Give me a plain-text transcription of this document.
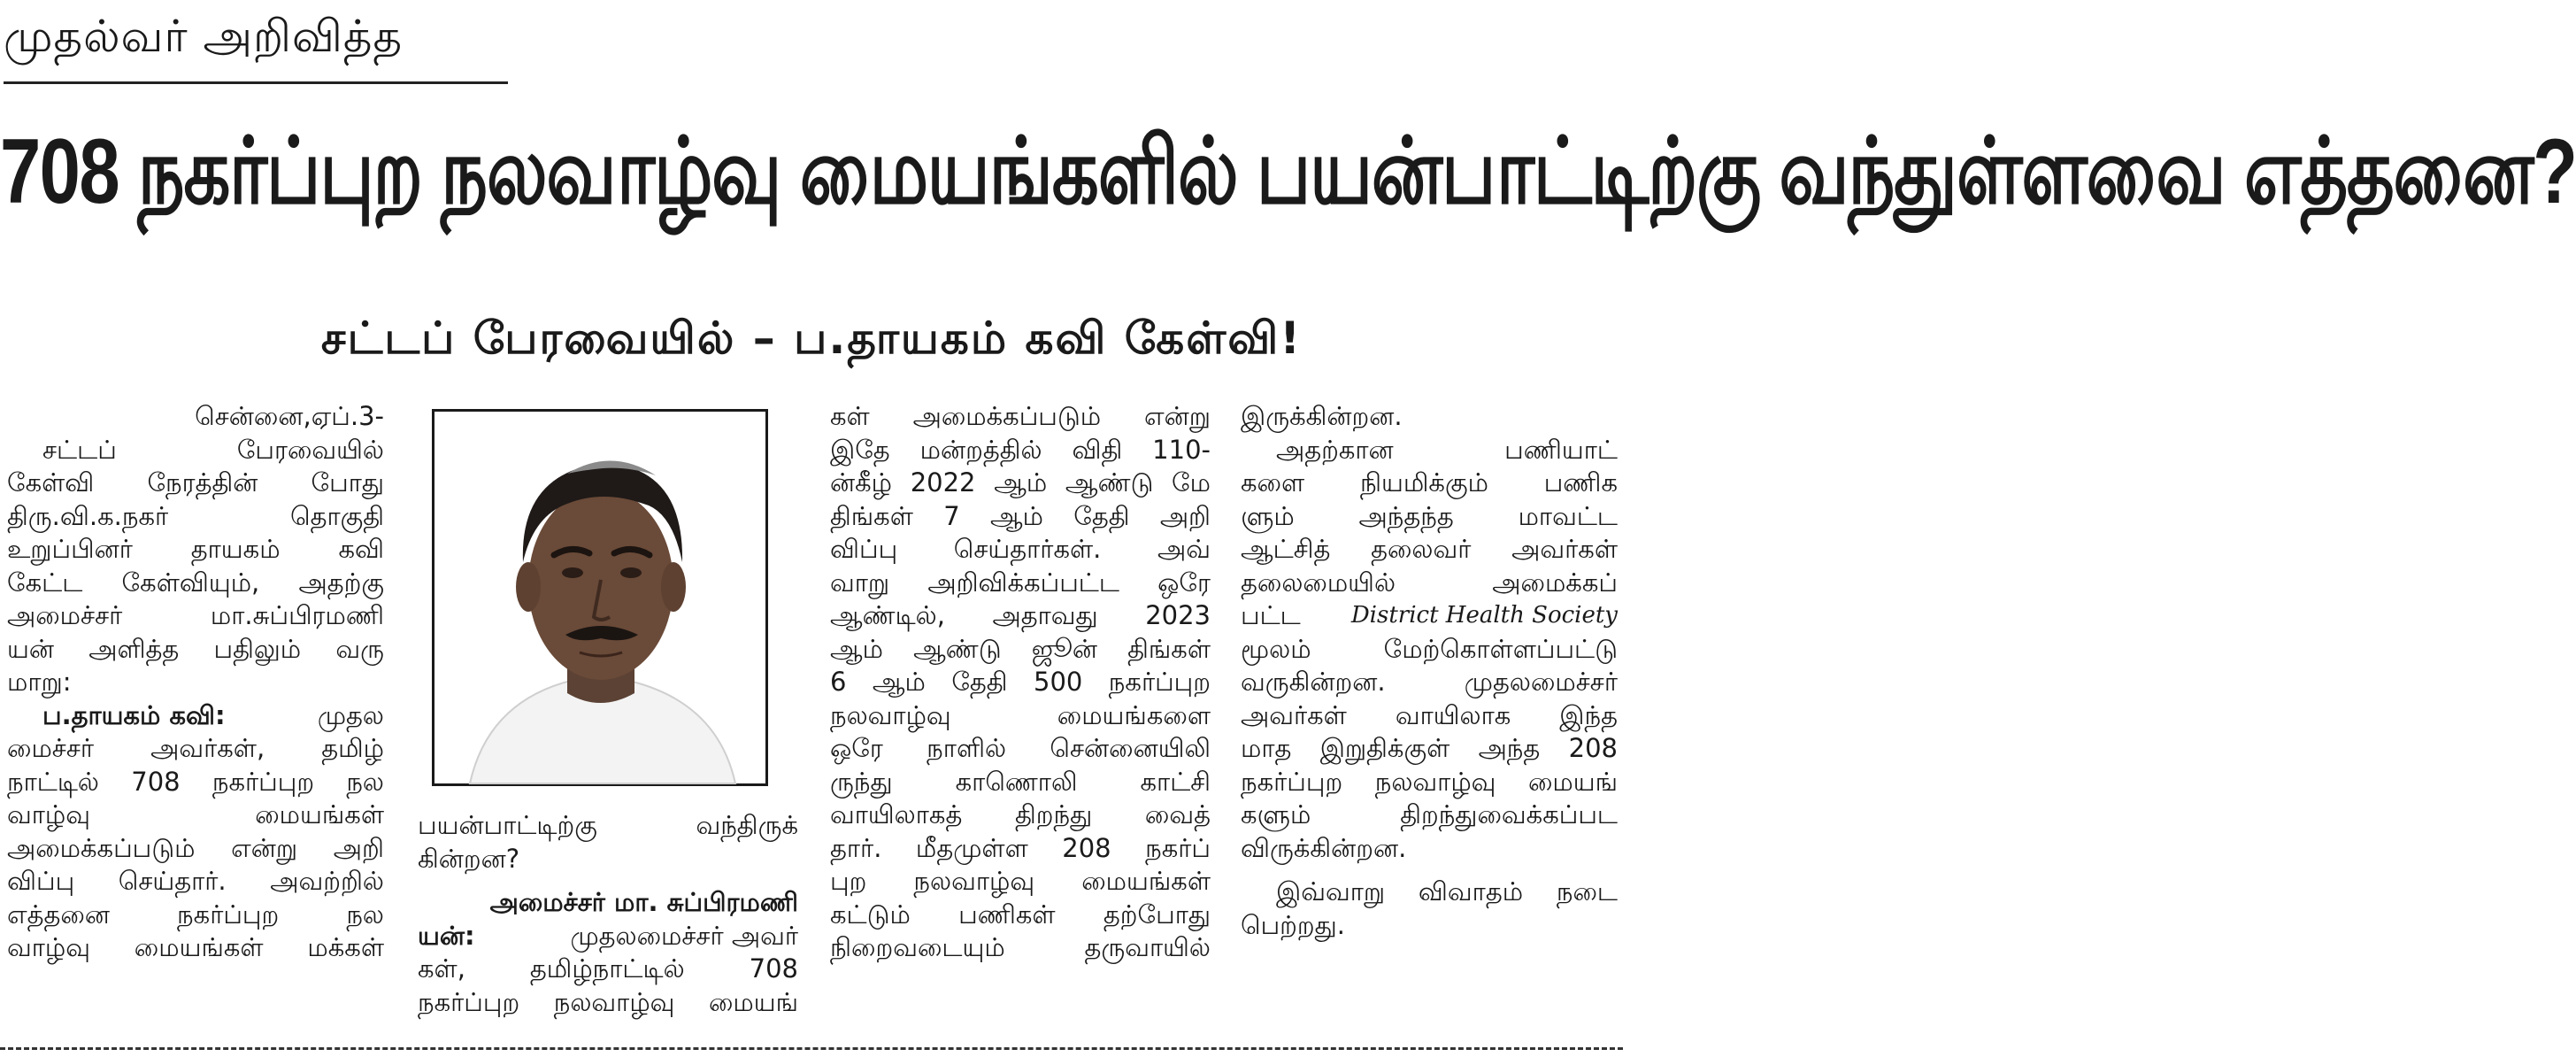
முதல்வர் அறிவித்த
708 நகர்ப்புற நலவாழ்வு மையங்களில் பயன்பாட்டிற்கு வந்துள்ளவை எத்தனை?
சட்டப் பேரவையில் – ப.தாயகம் கவி கேள்வி!
சென்னை,ஏப்.3-
சட்டப் பேரவையில்
கேள்வி நேரத்தின் போது
திரு.வி.க.நகர் தொகுதி
உறுப்பினர் தாயகம் கவி
கேட்ட கேள்வியும், அதற்கு
அமைச்சர் மா.சுப்பிரமணி
யன் அளித்த பதிலும் வரு
மாறு:
ப.தாயகம் கவி:	முதல
மைச்சர் அவர்கள், தமிழ்
நாட்டில் 708 நகர்ப்புற நல
வாழ்வு மையங்கள்
அமைக்கப்படும் என்று அறி
விப்பு செய்தார். அவற்றில்
எத்தனை நகர்ப்புற நல
வாழ்வு மையங்கள் மக்கள்
பயன்பாட்டிற்கு வந்திருக்
கின்றன?
அமைச்சர் மா. சுப்பிரமணி
யன்:	முதலமைச்சர் அவர்
கள், தமிழ்நாட்டில் 708
நகர்ப்புற நலவாழ்வு மையங்
கள் அமைக்கப்படும் என்று
இதே மன்றத்தில் விதி 110-
ன்கீழ் 2022 ஆம் ஆண்டு மே
திங்கள் 7 ஆம் தேதி அறி
விப்பு செய்தார்கள். அவ்
வாறு அறிவிக்கப்பட்ட ஒரே
ஆண்டில், அதாவது 2023
ஆம் ஆண்டு ஜூன் திங்கள்
6 ஆம் தேதி 500 நகர்ப்புற
நலவாழ்வு மையங்களை
ஒரே நாளில் சென்னையிலி
ருந்து காணொலி காட்சி
வாயிலாகத் திறந்து வைத்
தார். மீதமுள்ள 208 நகர்ப்
புற நலவாழ்வு மையங்கள்
கட்டும் பணிகள் தற்போது
நிறைவடையும் தருவாயில்
இருக்கின்றன.
அதற்கான பணியாட்
களை நியமிக்கும் பணிக
ளும் அந்தந்த மாவட்ட
ஆட்சித் தலைவர் அவர்கள்
தலைமையில் அமைக்கப்
பட்ட District Health Society
மூலம் மேற்கொள்ளப்பட்டு
வருகின்றன. முதலமைச்சர்
அவர்கள் வாயிலாக இந்த
மாத இறுதிக்குள் அந்த 208
நகர்ப்புற நலவாழ்வு மையங்
களும் திறந்துவைக்கப்பட
விருக்கின்றன.
இவ்வாறு விவாதம் நடை
பெற்றது.
